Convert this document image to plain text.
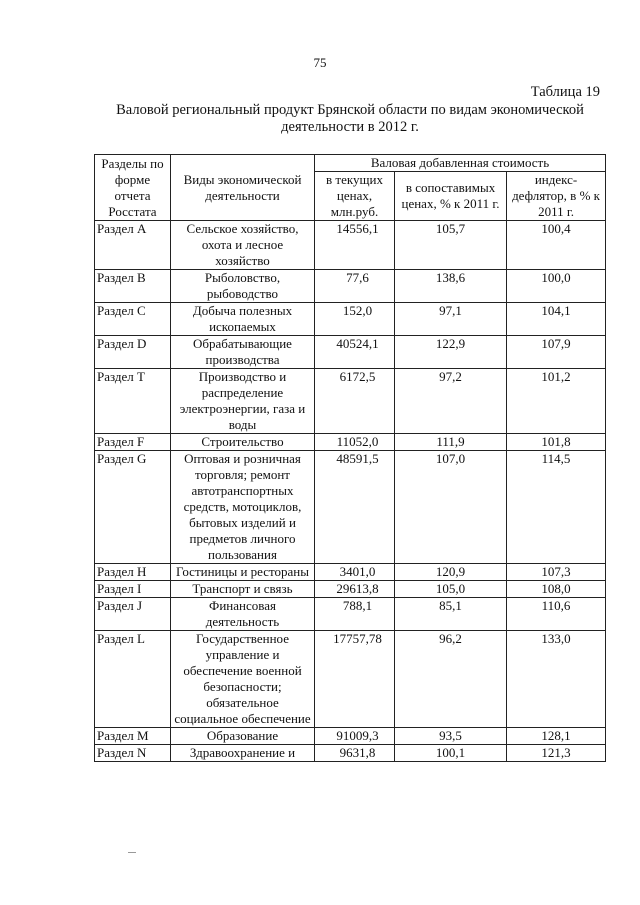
75
Таблица 19
Валовой региональный продукт Брянской области по видам экономической
деятельности в 2012 г.
Разделы по форме отчета Росстата	Виды экономической деятельности	Валовая добавленная стоимость		
		в текущих ценах, млн.руб.	в сопоставимых ценах, % к 2011 г.	индекс-дефлятор, в % к 2011 г.
Раздел А	Сельское хозяйство, охота и лесное хозяйство	14556,1	105,7	100,4
Раздел В	Рыболовство, рыбоводство	77,6	138,6	100,0
Раздел С	Добыча полезных ископаемых	152,0	97,1	104,1
Раздел D	Обрабатывающие производства	40524,1	122,9	107,9
Раздел Т	Производство и распределение электроэнергии, газа и воды	6172,5	97,2	101,2
Раздел F	Строительство	11052,0	111,9	101,8
Раздел G	Оптовая и розничная торговля; ремонт автотранспортных средств, мотоциклов, бытовых изделий и предметов личного пользования	48591,5	107,0	114,5
Раздел Н	Гостиницы и рестораны	3401,0	120,9	107,3
Раздел I	Транспорт и связь	29613,8	105,0	108,0
Раздел J	Финансовая деятельность	788,1	85,1	110,6
Раздел L	Государственное управление и обеспечение военной безопасности; обязательное социальное обеспечение	17757,78	96,2	133,0
Раздел М	Образование	91009,3	93,5	128,1
Раздел N	Здравоохранение и	9631,8	100,1	121,3
